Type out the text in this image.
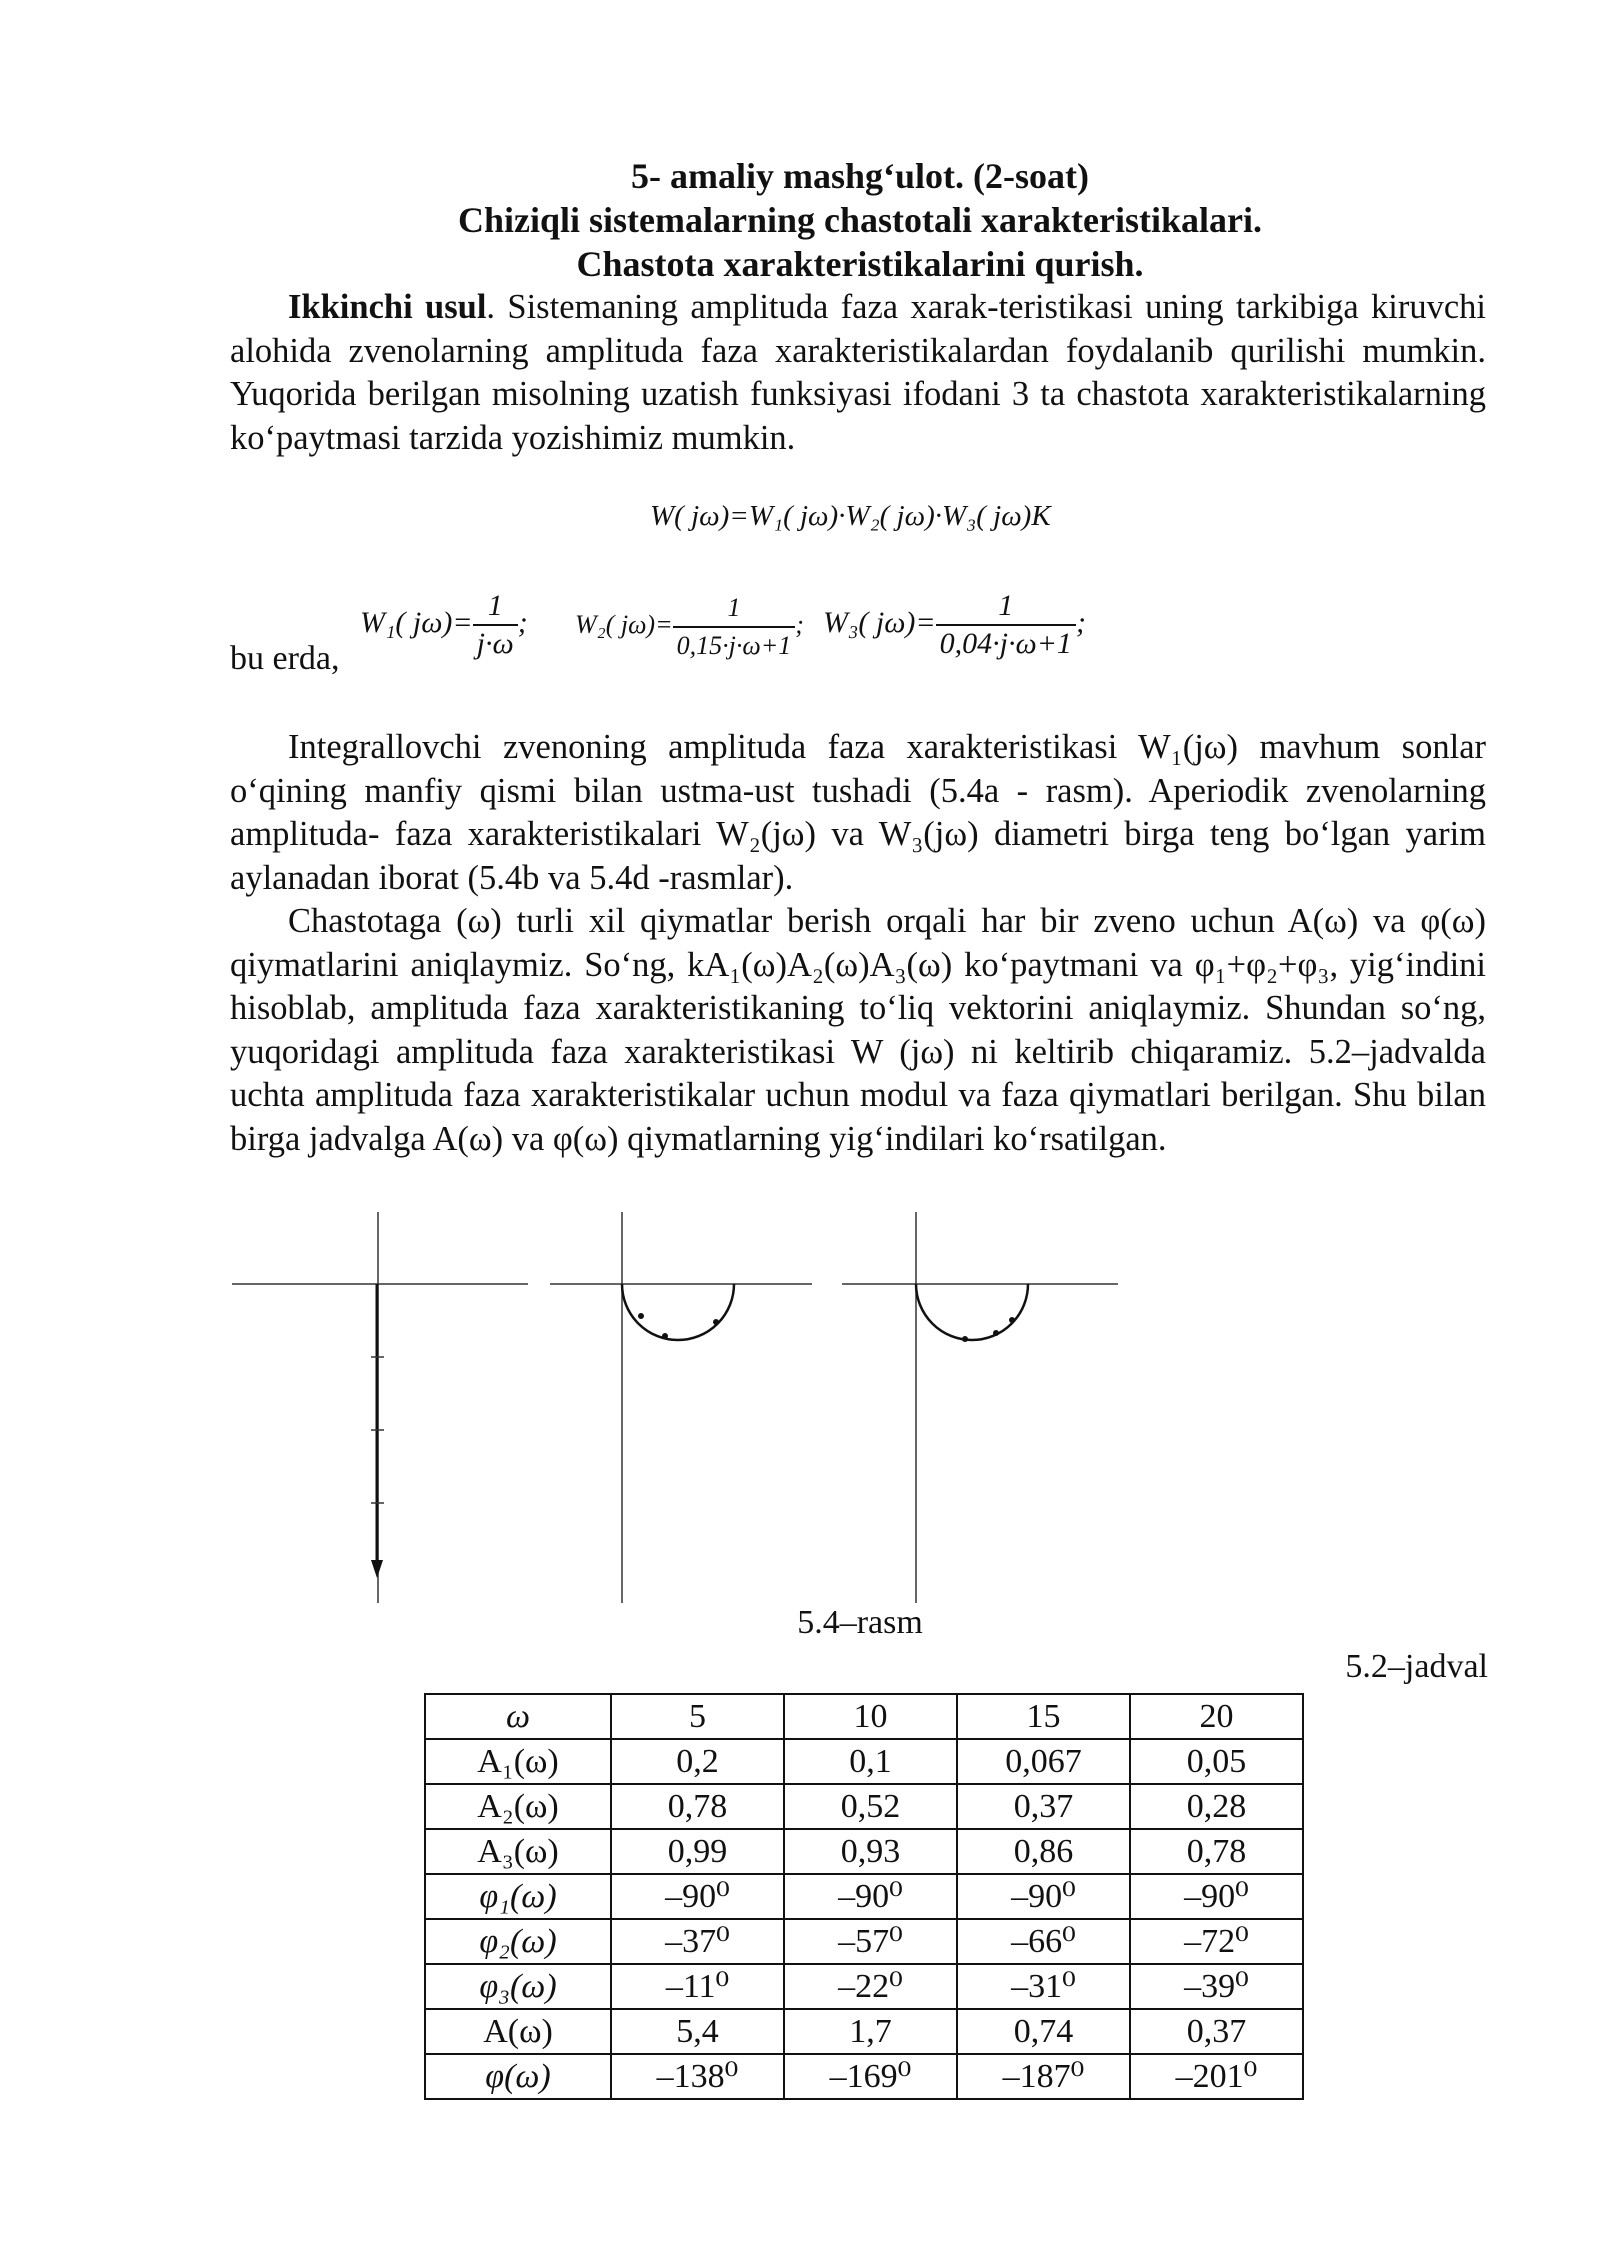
5- amaliy mashg‘ulot. (2-soat)
Chiziqli sistemalarning chastotali xarakteristikalari.
Chastota xarakteristikalarini qurish.
Ikkinchi usul. Sistemaning amplituda faza xarak-teristikasi uning tarkibiga kiruvchi alohida zvenolarning amplituda faza xarakteristikalardan foydalanib qurilishi mumkin. Yuqorida berilgan misolning uzatish funksiyasi ifodani 3 ta chastota xarakteristikalarning ko‘paytmasi tarzida yozishimiz mumkin.
W( jω)=W₁( jω)·W₂( jω)·W₃( jω)K
bu erda,
W₁( $j\omega)= \frac{1}{j\cdot\omega}$ ; W₂( $j\omega)= \frac{1}{0,15\cdot j\cdot\omega+1}$ ; W₃( $j\omega)= \frac{1}{0,04\cdot j\cdot\omega+1}$ ;
Integrallovchi zvenoning amplituda faza xarakteristikasi W₁(jω) mavhum sonlar o‘qining manfiy qismi bilan ustma-ust tushadi (5.4a - rasm). Aperiodik zvenolarning amplituda- faza xarakteristikalari W₂(jω) va W₃(jω) diametri birga teng bo‘lgan yarim aylanadan iborat (5.4b va 5.4d -rasmlar).
Chastotaga (ω) turli xil qiymatlar berish orqali har bir zveno uchun A(ω) va φ(ω) qiymatlarini aniqlaymiz. So‘ng, kA₁(ω)A₂(ω)A₃(ω) ko‘paytmani va φ₁+φ₂+φ₃, yig‘indini hisoblab, amplituda faza xarakteristikaning to‘liq vektorini aniqlaymiz. Shundan so‘ng, yuqoridagi amplituda faza xarakteristikasi W (jω) ni keltirib chiqaramiz. 5.2–jadvalda uchta amplituda faza xarakteristikalar uchun modul va faza qiymatlari berilgan. Shu bilan birga jadvalga A(ω) va φ(ω) qiymatlarning yig‘indilari ko‘rsatilgan.
5.4–rasm
5.2–jadval
ω	5	10	15	20
A₁(ω)	0,2	0,1	0,067	0,05
A₂(ω)	0,78	0,52	0,37	0,28
A₃(ω)	0,99	0,93	0,86	0,78
φ₁(ω)	–90⁰	–90⁰	–90⁰	–90⁰
φ₂(ω)	–37⁰	–57⁰	–66⁰	–72⁰
φ₃(ω)	–11⁰	–22⁰	–31⁰	–39⁰
A(ω)	5,4	1,7	0,74	0,37
φ(ω)	–138⁰	–169⁰	–187⁰	–201⁰
